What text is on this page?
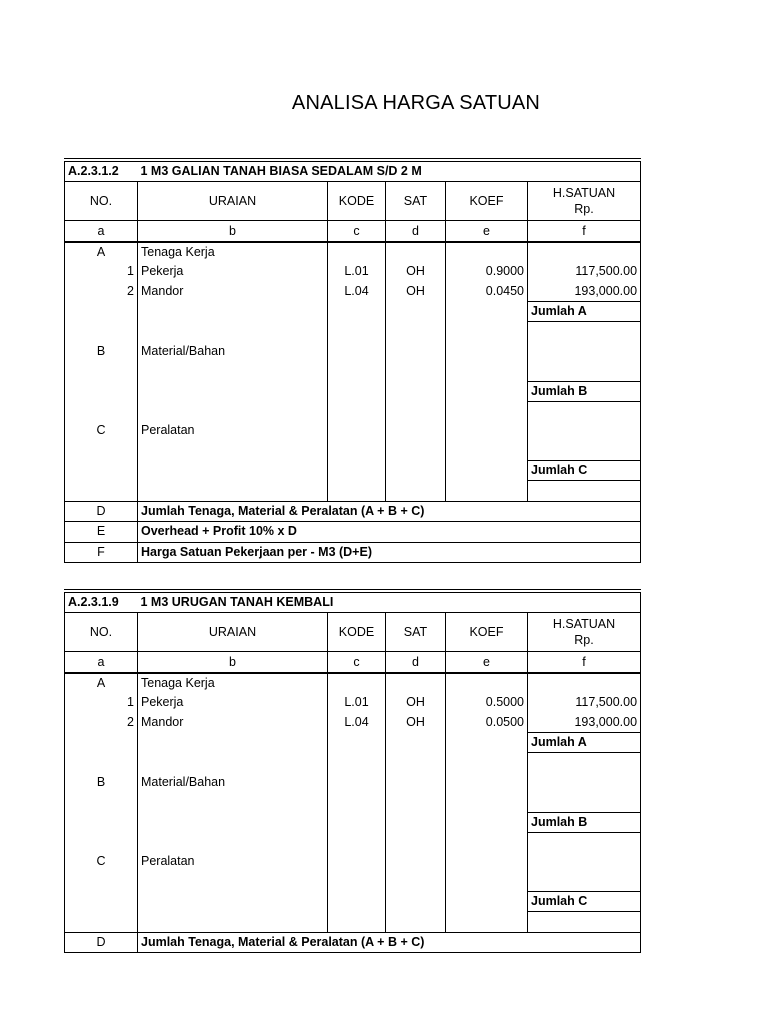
ANALISA HARGA SATUAN
A.2.3.1.2	1 M3 GALIAN TANAH BIASA SEDALAM S/D 2 M				
NO.	URAIAN	KODE	SAT	KOEF	H.SATUAN
Rp.

a	b	c	d	e	f
A	Tenaga Kerja				
1	Pekerja	L.01	OH	0.9000	117,500.00
2	Mandor	L.04	OH	0.0450	193,000.00
					Jumlah A

B	Material/Bahan				

					Jumlah B

C	Peralatan				

					Jumlah C

D	Jumlah Tenaga, Material & Peralatan (A + B + C)				
E	Overhead + Profit 10% x D				
F	Harga Satuan Pekerjaan per - M3 (D+E)				
A.2.3.1.9	1 M3 URUGAN TANAH KEMBALI				
NO.	URAIAN	KODE	SAT	KOEF	H.SATUAN
Rp.

a	b	c	d	e	f
A	Tenaga Kerja				
1	Pekerja	L.01	OH	0.5000	117,500.00
2	Mandor	L.04	OH	0.0500	193,000.00
					Jumlah A

B	Material/Bahan				

					Jumlah B

C	Peralatan				

					Jumlah C

D	Jumlah Tenaga, Material & Peralatan (A + B + C)				
